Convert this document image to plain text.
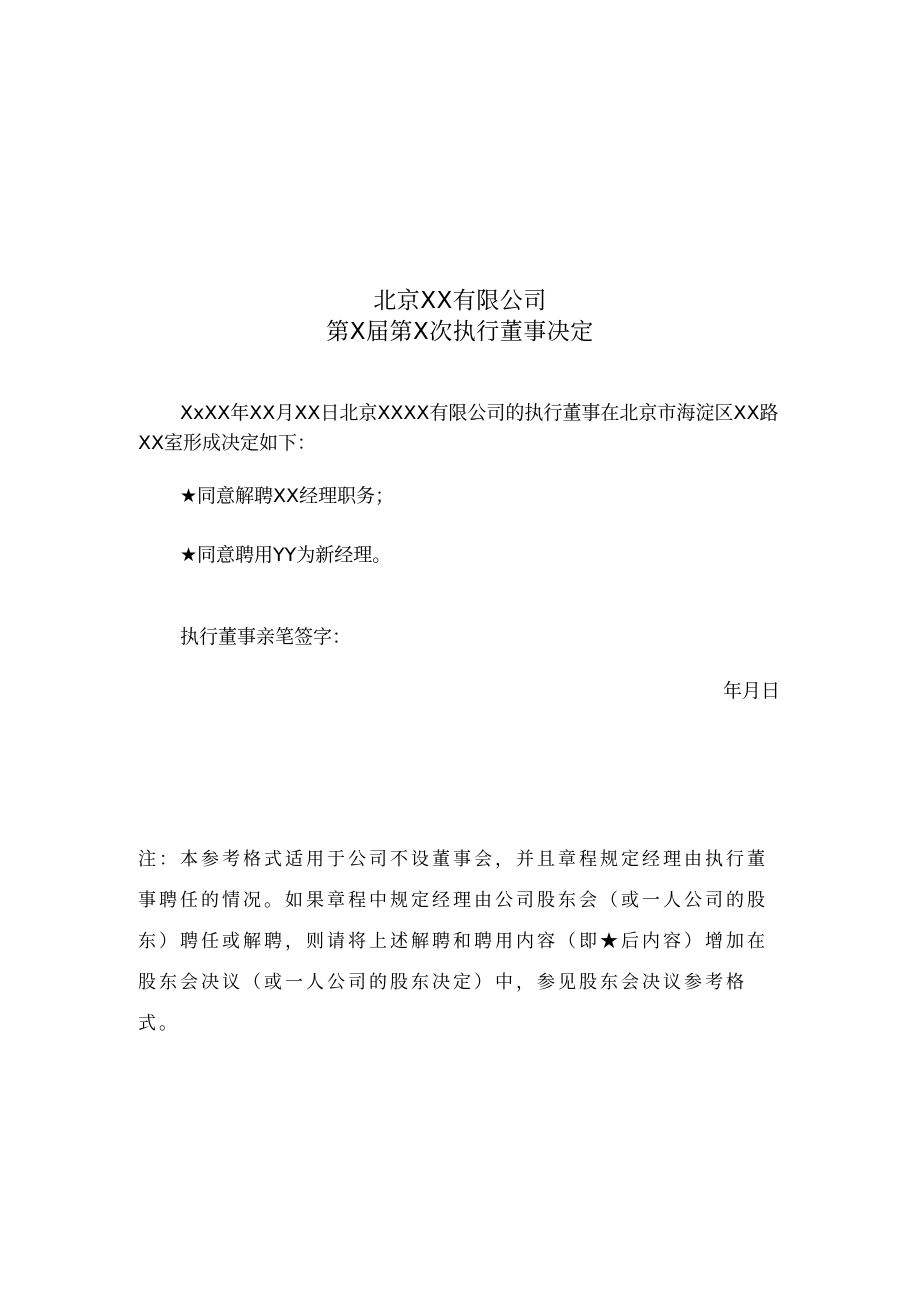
北京XX有限公司
第X届第X次执行董事决定
XxXX年XX月XX日北京XXXX有限公司的执行董事在北京市海淀区XX路XX室形成决定如下：
★同意解聘XX经理职务；
★同意聘用YY为新经理。
执行董事亲笔签字：
年月日
注：本参考格式适用于公司不设董事会，并且章程规定经理由执行董事聘任的情况。如果章程中规定经理由公司股东会（或一人公司的股东）聘任或解聘，则请将上述解聘和聘用内容（即★后内容）增加在股东会决议（或一人公司的股东决定）中，参见股东会决议参考格式。
